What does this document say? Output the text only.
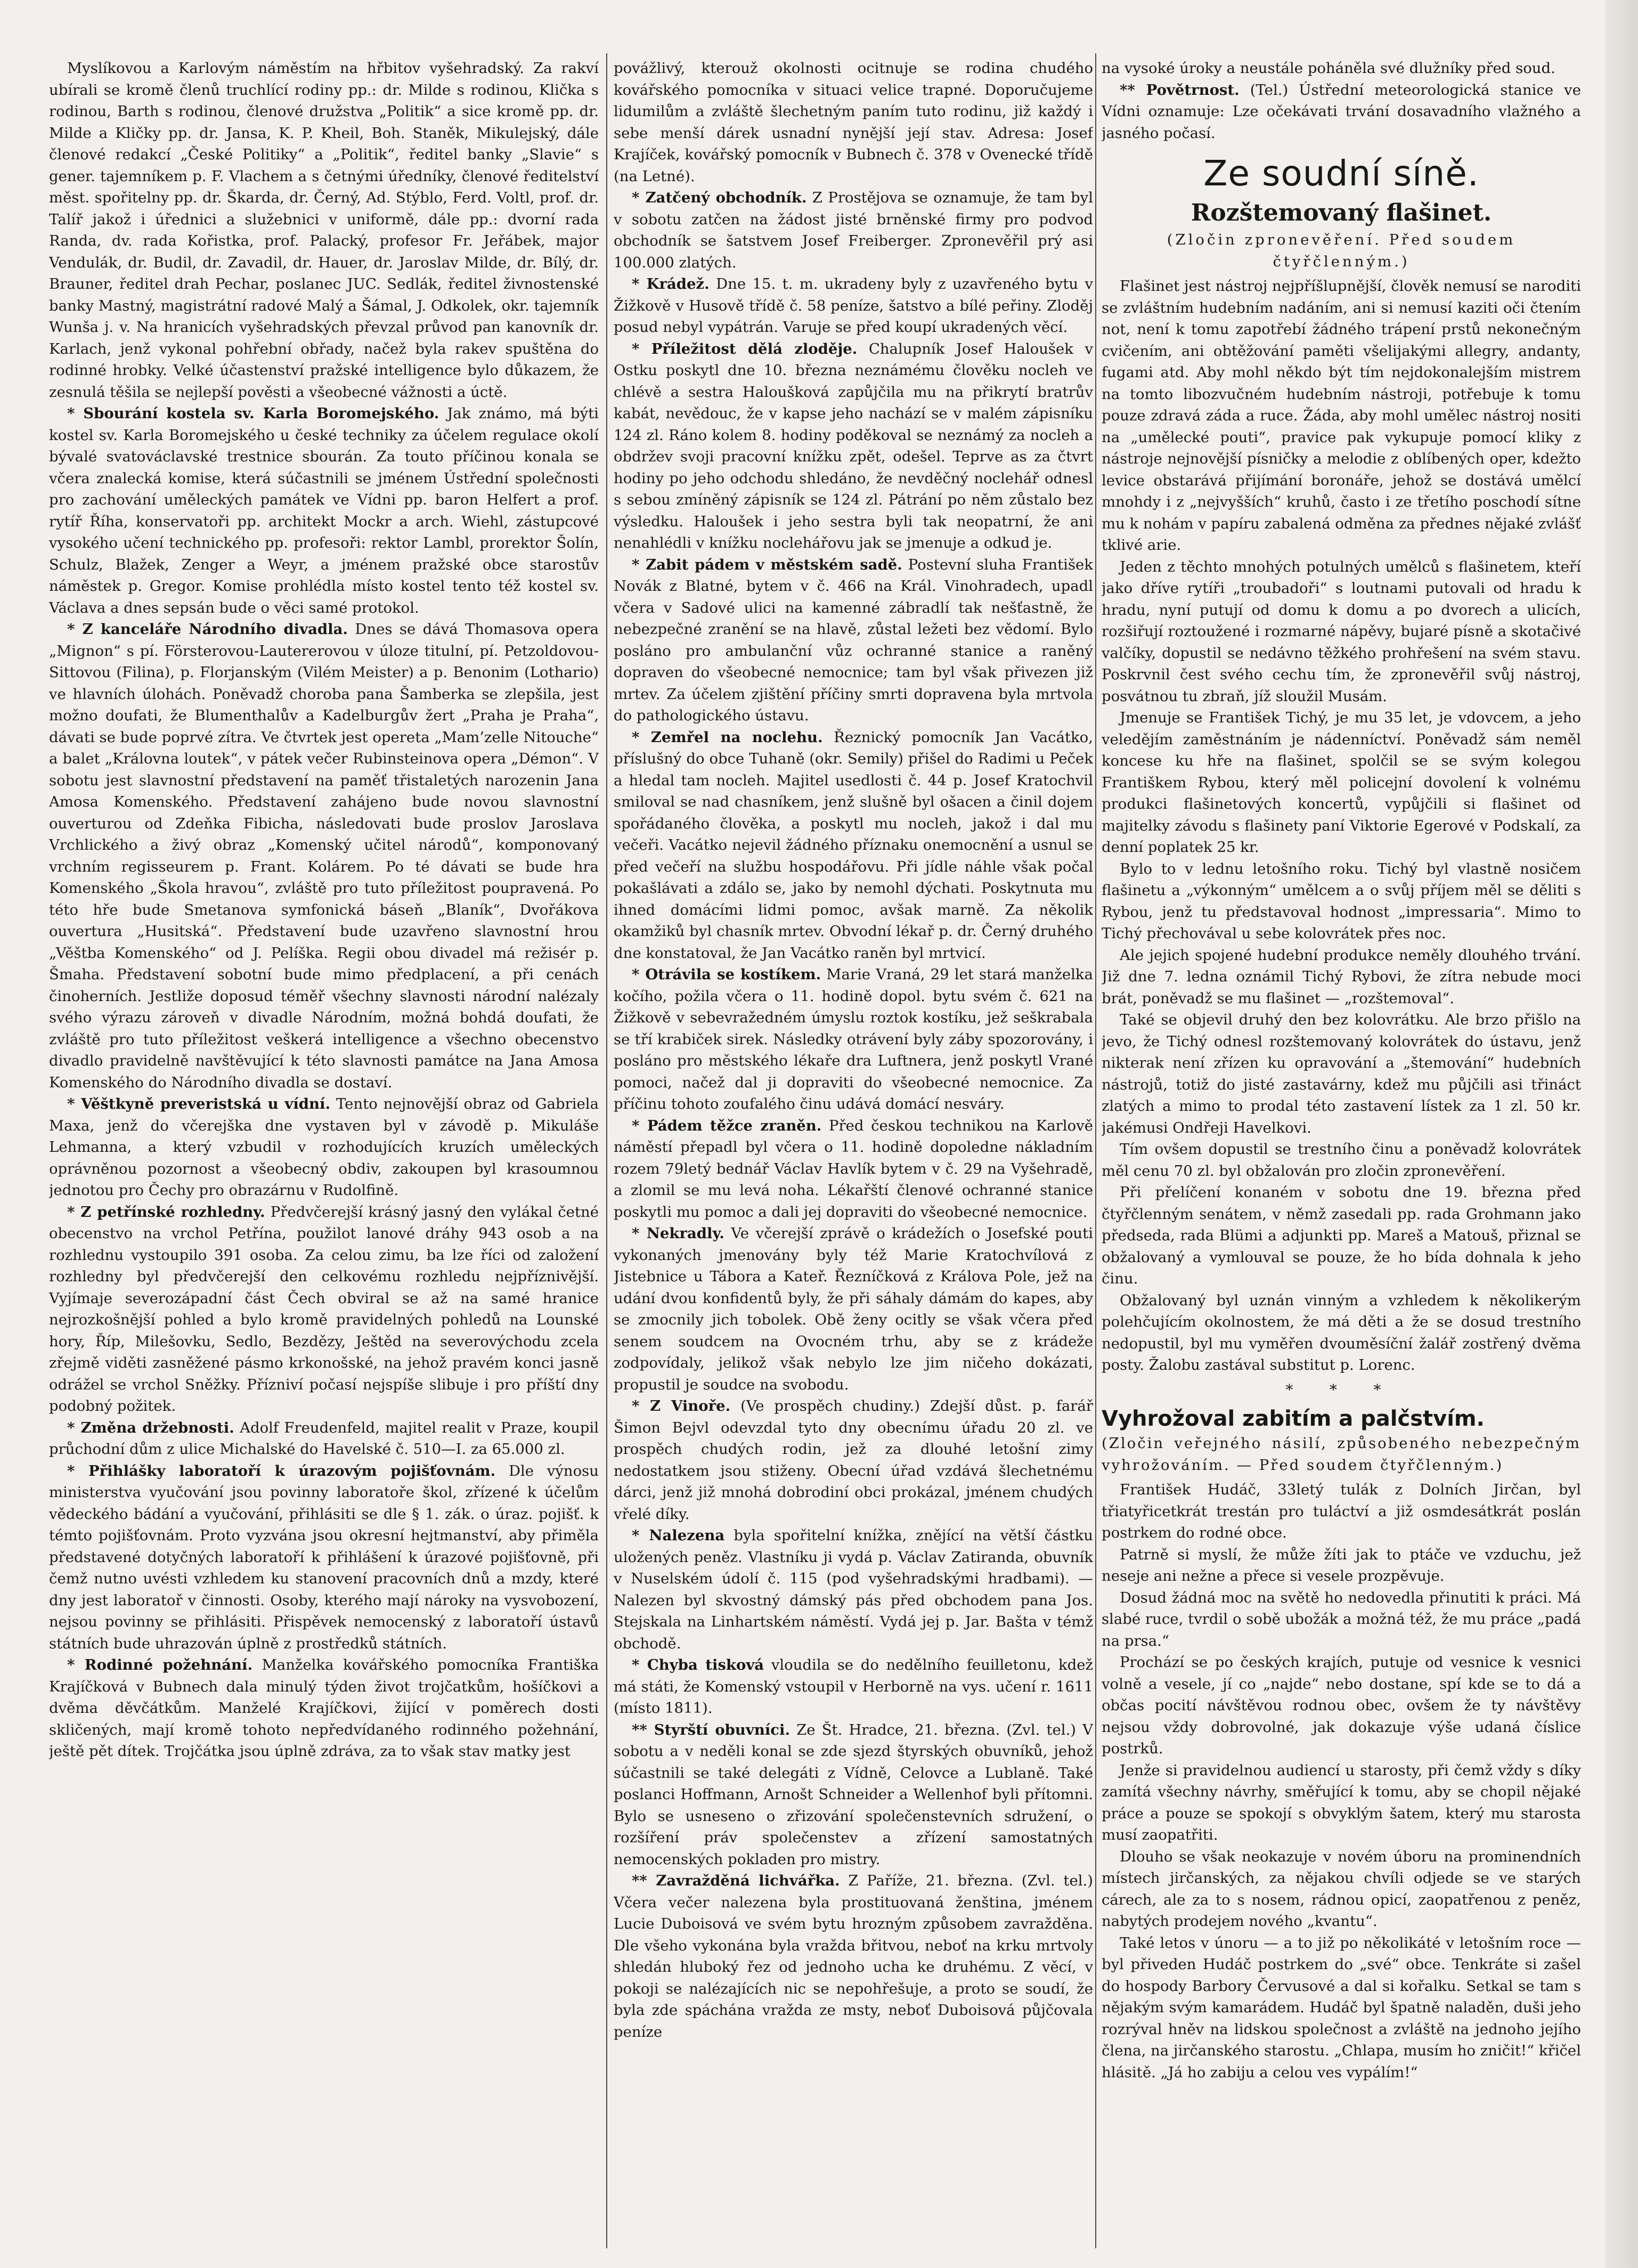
Myslíkovou a Karlovým náměstím na hřbitov vyšehradský. Za rakví ubírali se kromě členů truchlící rodiny pp.: dr. Milde s rodinou, Klička s rodinou, Barth s rodinou, členové družstva „Politik“ a sice kromě pp. dr. Milde a Kličky pp. dr. Jansa, K. P. Kheil, Boh. Staněk, Mikulejský, dále členové redakcí „České Politiky“ a „Politik“, ředitel banky „Slavie“ s gener. tajemníkem p. F. Vlachem a s četnými úředníky, členové ředitelství měst. spořitelny pp. dr. Škarda, dr. Černý, Ad. Stýblo, Ferd. Voltl, prof. dr. Talíř jakož i úřednici a služebnici v uniformě, dále pp.: dvorní rada Randa, dv. rada Kořistka, prof. Palacký, profesor Fr. Jeřábek, major Vendulák, dr. Budil, dr. Zavadil, dr. Hauer, dr. Jaroslav Milde, dr. Bílý, dr. Brauner, ředitel drah Pechar, poslanec JUC. Sedlák, ředitel živnostenské banky Mastný, magistrátní radové Malý a Šámal, J. Odkolek, okr. tajemník Wunša j. v. Na hranicích vyšehradských převzal průvod pan kanovník dr. Karlach, jenž vykonal pohřební obřady, načež byla rakev spuštěna do rodinné hrobky. Velké účastenství pražské intelligence bylo důkazem, že zesnulá těšila se nejlepší pověsti a všeobecné vážnosti a úctě.

* Sbourání kostela sv. Karla Boromejského. Jak známo, má býti kostel sv. Karla Boromejského u české techniky za účelem regulace okolí bývalé svatováclavské trestnice sbourán. Za touto příčinou konala se včera znalecká komise, která súčastnili se jménem Ústřední společnosti pro zachování uměleckých památek ve Vídni pp. baron Helfert a prof. rytíř Říha, konservatoři pp. architekt Mockr a arch. Wiehl, zástupcové vysokého učení technického pp. profesoři: rektor Lambl, prorektor Šolín, Schulz, Blažek, Zenger a Weyr, a jménem pražské obce starostův náměstek p. Gregor. Komise prohlédla místo kostel tento též kostel sv. Václava a dnes sepsán bude o věci samé protokol.

* Z kanceláře Národního divadla. Dnes se dává Thomasova opera „Mignon“ s pí. Försterovou-Lautererovou v úloze titulní, pí. Petzoldovou-Sittovou (Filina), p. Florjanským (Vilém Meister) a p. Benonim (Lothario) ve hlavních úlohách. Poněvadž choroba pana Šamberka se zlepšila, jest možno doufati, že Blumenthalův a Kadelburgův žert „Praha je Praha“, dávati se bude poprvé zítra. Ve čtvrtek jest opereta „Mam’zelle Nitouche“ a balet „Královna loutek“, v pátek večer Rubinsteinova opera „Démon“. V sobotu jest slavnostní představení na paměť třistaletých narozenin Jana Amosa Komenského. Představení zahájeno bude novou slavnostní ouverturou od Zdeňka Fibicha, následovati bude proslov Jaroslava Vrchlického a živý obraz „Komenský učitel národů“, komponovaný vrchním regisseurem p. Frant. Kolárem. Po té dávati se bude hra Komenského „Škola hravou“, zvláště pro tuto příležitost poupravená. Po této hře bude Smetanova symfonická báseň „Blaník“, Dvořákova ouvertura „Husitská“. Představení bude uzavřeno slavnostní hrou „Věštba Komenského“ od J. Pelíška. Regii obou divadel má režisér p. Šmaha. Představení sobotní bude mimo předplacení, a při cenách činoherních. Jestliže doposud téměř všechny slavnosti národní nalézaly svého výrazu zároveň v divadle Národním, možná bohdá doufati, že zvláště pro tuto příležitost veškerá intelligence a všechno obecenstvo divadlo pravidelně navštěvující k této slavnosti památce na Jana Amosa Komenského do Národního divadla se dostaví.

* Věštkyně preveristská u vídní. Tento nejnovější obraz od Gabriela Maxa, jenž do včerejška dne vystaven byl v závodě p. Mikuláše Lehmanna, a který vzbudil v rozhodujících kruzích uměleckých oprávněnou pozornost a všeobecný obdiv, zakoupen byl krasoumnou jednotou pro Čechy pro obrazárnu v Rudolfině.

* Z petřínské rozhledny. Předvčerejší krásný jasný den vylákal četné obecenstvo na vrchol Petřína, použilot lanové dráhy 943 osob a na rozhlednu vystoupilo 391 osoba. Za celou zimu, ba lze říci od založení rozhledny byl předvčerejší den celkovému rozhledu nejpříznivější. Vyjímaje severozápadní část Čech obviral se až na samé hranice nejrozkošnější pohled a bylo kromě pravidelných pohledů na Lounské hory, Říp, Milešovku, Sedlo, Bezdězy, Ještěd na severovýchodu zcela zřejmě viděti zasněžené pásmo krkonošské, na jehož pravém konci jasně odrážel se vrchol Sněžky. Přízniví počasí nejspíše slibuje i pro příští dny podobný požitek.

* Změna držebnosti. Adolf Freudenfeld, majitel realit v Praze, koupil průchodní dům z ulice Michalské do Havelské č. 510—I. za 65.000 zl.

* Přihlášky laboratoří k úrazovým pojišťovnám. Dle výnosu ministerstva vyučování jsou povinny laboratoře škol, zřízené k účelům vědeckého bádání a vyučování, přihlásiti se dle § 1. zák. o úraz. pojišť. k témto pojišťovnám. Proto vyzvána jsou okresní hejtmanství, aby přiměla představené dotyčných laboratoří k přihlášení k úrazové pojišťovně, při čemž nutno uvésti vzhledem ku stanovení pracovních dnů a mzdy, které dny jest laboratoř v činnosti. Osoby, kterého mají nároky na vysvobození, nejsou povinny se přihlásiti. Přispěvek nemocenský z laboratoří ústavů státních bude uhrazován úplně z prostředků státních.

* Rodinné požehnání. Manželka kovářského pomocníka Františka Krajíčková v Bubnech dala minulý týden život trojčatkům, hošíčkovi a dvěma děvčátkům. Manželé Krajíčkovi, žijící v poměrech dosti skličených, mají kromě tohoto nepředvídaného rodinného požehnání, ještě pět dítek. Trojčátka jsou úplně zdráva, za to však stav matky jest

povážlivý, kterouž okolnosti ocitnuje se rodina chudého kovářského pomocníka v situaci velice trapné. Doporučujeme lidumilům a zvláště šlechetným paním tuto rodinu, již každý i sebe menší dárek usnadní nynější její stav. Adresa: Josef Krajíček, kovářský pomocník v Bubnech č. 378 v Ovenecké třídě (na Letné).

* Zatčený obchodník. Z Prostějova se oznamuje, že tam byl v sobotu zatčen na žádost jisté brněnské firmy pro podvod obchodník se šatstvem Josef Freiberger. Zpronevěřil prý asi 100.000 zlatých.

* Krádež. Dne 15. t. m. ukradeny byly z uzavřeného bytu v Žižkově v Husově třídě č. 58 peníze, šatstvo a bílé peřiny. Zloděj posud nebyl vypátrán. Varuje se před koupí ukradených věcí.

* Příležitost dělá zloděje. Chalupník Josef Haloušek v Ostku poskytl dne 10. března neznámému člověku nocleh ve chlévě a sestra Haloušková zapůjčila mu na přikrytí bratrův kabát, nevědouc, že v kapse jeho nachází se v malém zápisníku 124 zl. Ráno kolem 8. hodiny poděkoval se neznámý za nocleh a obdržev svoji pracovní knížku zpět, odešel. Teprve as za čtvrt hodiny po jeho odchodu shledáno, že nevděčný noclehář odnesl s sebou zmíněný zápisník se 124 zl. Pátrání po něm zůstalo bez výsledku. Haloušek i jeho sestra byli tak neopatrní, že ani nenahlédli v knížku noclehářovu jak se jmenuje a odkud je.

* Zabit pádem v městském sadě. Postevní sluha František Novák z Blatné, bytem v č. 466 na Král. Vinohradech, upadl včera v Sadové ulici na kamenné zábradlí tak nešťastně, že nebezpečné zranění se na hlavě, zůstal ležeti bez vědomí. Bylo posláno pro ambulanční vůz ochranné stanice a raněný dopraven do všeobecné nemocnice; tam byl však přivezen již mrtev. Za účelem zjištění příčiny smrti dopravena byla mrtvola do pathologického ústavu.

* Zemřel na noclehu. Řeznický pomocník Jan Vacátko, příslušný do obce Tuhaně (okr. Semily) přišel do Radimi u Peček a hledal tam nocleh. Majitel usedlosti č. 44 p. Josef Kratochvil smiloval se nad chasníkem, jenž slušně byl ošacen a činil dojem spořádaného člověka, a poskytl mu nocleh, jakož i dal mu večeři. Vacátko nejevil žádného příznaku onemocnění a usnul se před večeří na službu hospodářovu. Při jídle náhle však počal pokašlávati a zdálo se, jako by nemohl dýchati. Poskytnuta mu ihned domácími lidmi pomoc, avšak marně. Za několik okamžiků byl chasník mrtev. Obvodní lékař p. dr. Černý druhého dne konstatoval, že Jan Vacátko raněn byl mrtvicí.

* Otrávila se kostíkem. Marie Vraná, 29 let stará manželka kočího, požila včera o 11. hodině dopol. bytu svém č. 621 na Žižkově v sebevražedném úmyslu roztok kostíku, jež seškrabala se tří krabiček sirek. Následky otrávení byly záby spozorovány, i posláno pro městského lékaře dra Luftnera, jenž poskytl Vrané pomoci, načež dal ji dopraviti do všeobecné nemocnice. Za příčinu tohoto zoufalého činu udává domácí nesváry.

* Pádem těžce zraněn. Před českou technikou na Karlově náměstí přepadl byl včera o 11. hodině dopoledne nákladním rozem 79letý bednář Václav Havlík bytem v č. 29 na Vyšehradě, a zlomil se mu levá noha. Lékařští členové ochranné stanice poskytli mu pomoc a dali jej dopraviti do všeobecné nemocnice.

* Nekradly. Ve včerejší zprávě o krádežích o Josefské pouti vykonaných jmenovány byly též Marie Kratochvílová z Jistebnice u Tábora a Kateř. Řezníčková z Králova Pole, jež na udání dvou konfidentů byly, že při sáhaly dámám do kapes, aby se zmocnily jich tobolek. Obě ženy ocitly se však včera před senem soudcem na Ovocném trhu, aby se z krádeže zodpovídaly, jelikož však nebylo lze jim ničeho dokázati, propustil je soudce na svobodu.

* Z Vinoře. (Ve prospěch chudiny.) Zdejší důst. p. farář Šimon Bejvl odevzdal tyto dny obecnímu úřadu 20 zl. ve prospěch chudých rodin, jež za dlouhé letošní zimy nedostatkem jsou stiženy. Obecní úřad vzdává šlechetnému dárci, jenž již mnohá dobrodiní obci prokázal, jménem chudých vřelé díky.

* Nalezena byla spořitelní knížka, znějící na větší částku uložených peněz. Vlastníku ji vydá p. Václav Zatiranda, obuvník v Nuselském údolí č. 115 (pod vyšehradskými hradbami). — Nalezen byl skvostný dámský pás před obchodem pana Jos. Stejskala na Linhartském náměstí. Vydá jej p. Jar. Bašta v témž obchodě.

* Chyba tisková vloudila se do nedělního feuilletonu, kdež má státi, že Komenský vstoupil v Herborně na vys. učení r. 1611 (místo 1811).

** Styrští obuvníci. Ze Št. Hradce, 21. března. (Zvl. tel.) V sobotu a v neděli konal se zde sjezd štyrských obuvníků, jehož súčastnili se také delegáti z Vídně, Celovce a Lublaně. Také poslanci Hoffmann, Arnošt Schneider a Wellenhof byli přítomni. Bylo se usneseno o zřizování společenstevních sdružení, o rozšíření práv společenstev a zřízení samostatných nemocenských pokladen pro mistry.

** Zavražděná lichvářka. Z Paříže, 21. března. (Zvl. tel.) Včera večer nalezena byla prostituovaná ženština, jménem Lucie Duboisová ve svém bytu hrozným způsobem zavražděna. Dle všeho vykonána byla vražda břitvou, neboť na krku mrtvoly shledán hluboký řez od jednoho ucha ke druhému. Z věcí, v pokoji se nalézajících nic se nepohřešuje, a proto se soudí, že byla zde spáchána vražda ze msty, neboť Duboisová půjčovala peníze

na vysoké úroky a neustále poháněla své dlužníky před soud.

** Povětrnost. (Tel.) Ústřední meteorologická stanice ve Vídni oznamuje: Lze očekávati trvání dosavadního vlažného a jasného počasí.

Ze soudní síně.
Rozštemovaný flašinet.

(Zločin zpronevěření. Před soudem čtyřčlenným.)

Flašinet jest nástroj nejpříšlupnější, člověk nemusí se naroditi se zvláštním hudebním nadáním, ani si nemusí kaziti oči čtením not, není k tomu zapotřebí žádného trápení prstů nekonečným cvičením, ani obtěžování paměti všelijakými allegry, andanty, fugami atd. Aby mohl někdo být tím nejdokonalejším mistrem na tomto libozvučném hudebním nástroji, potřebuje k tomu pouze zdravá záda a ruce. Žáda, aby mohl umělec nástroj nositi na „umělecké pouti“, pravice pak vykupuje pomocí kliky z nástroje nejnovější písničky a melodie z oblíbených oper, kdežto levice obstarává přijímání boronáře, jehož se dostává umělcí mnohdy i z „nejvyšších“ kruhů, často i ze třetího poschodí sítne mu k nohám v papíru zabalená odměna za přednes nějaké zvlášť tklivé arie.

Jeden z těchto mnohých potulných umělců s flašinetem, kteří jako dříve rytíři „troubadoři“ s loutnami putovali od hradu k hradu, nyní putují od domu k domu a po dvorech a ulicích, rozšiřují roztoužené i rozmarné nápěvy, bujaré písně a skotačivé valčíky, dopustil se nedávno těžkého prohřešení na svém stavu. Poskrvnil čest svého cechu tím, že zpronevěřil svůj nástroj, posvátnou tu zbraň, jíž sloužil Musám.

Jmenuje se František Tichý, je mu 35 let, je vdovcem, a jeho veledějím zaměstnáním je nádenníctví. Poněvadž sám neměl koncese ku hře na flašinet, spolčil se se svým kolegou Františkem Rybou, který měl policejní dovolení k volnému produkci flašinetových koncertů, vypůjčili si flašinet od majitelky závodu s flašinety paní Viktorie Egerové v Podskalí, za denní poplatek 25 kr.

Bylo to v lednu letošního roku. Tichý byl vlastně nosičem flašinetu a „výkonným“ umělcem a o svůj příjem měl se děliti s Rybou, jenž tu představoval hodnost „impressaria“. Mimo to Tichý přechovával u sebe kolovrátek přes noc.

Ale jejich spojené hudební produkce neměly dlouhého trvání. Již dne 7. ledna oznámil Tichý Rybovi, že zítra nebude moci brát, poněvadž se mu flašinet — „rozštemoval“.

Také se objevil druhý den bez kolovrátku. Ale brzo přišlo na jevo, že Tichý odnesl rozštemovaný kolovrátek do ústavu, jenž nikterak není zřízen ku opravování a „štemování“ hudebních nástrojů, totiž do jisté zastavárny, kdež mu půjčili asi třináct zlatých a mimo to prodal této zastavení lístek za 1 zl. 50 kr. jakémusi Ondřeji Havelkovi.

Tím ovšem dopustil se trestního činu a poněvadž kolovrátek měl cenu 70 zl. byl obžalován pro zločin zpronevěření.

Při přelíčení konaném v sobotu dne 19. března před čtyřčlenným senátem, v němž zasedali pp. rada Grohmann jako předseda, rada Blümi a adjunkti pp. Mareš a Matouš, přiznal se obžalovaný a vymlouval se pouze, že ho bída dohnala k jeho činu.

Obžalovaný byl uznán vinným a vzhledem k několikerým polehčujícím okolnostem, že má děti a že se dosud trestního nedopustil, byl mu vyměřen dvouměsíční žalář zostřený dvěma posty. Žalobu zastával substitut p. Lorenc.

* * *

Vyhrožoval zabitím a palčstvím.

(Zločin veřejného násilí, způsobeného nebezpečným vyhrožováním. — Před soudem čtyřčlenným.)

František Hudáč, 33letý tulák z Dolních Jirčan, byl třiatyřicetkrát trestán pro tuláctví a již osmdesátkrát poslán postrkem do rodné obce.

Patrně si myslí, že může žíti jak to ptáče ve vzduchu, jež neseje ani nežne a přece si vesele prozpěvuje.

Dosud žádná moc na světě ho nedovedla přinutiti k práci. Má slabé ruce, tvrdil o sobě ubožák a možná též, že mu práce „padá na prsa.“

Prochází se po českých krajích, putuje od vesnice k vesnici volně a vesele, jí co „najde“ nebo dostane, spí kde se to dá a občas pocití návštěvou rodnou obec, ovšem že ty návštěvy nejsou vždy dobrovolné, jak dokazuje výše udaná číslice postrků.

Jenže si pravidelnou audiencí u starosty, při čemž vždy s díky zamítá všechny návrhy, směřující k tomu, aby se chopil nějaké práce a pouze se spokojí s obvyklým šatem, který mu starosta musí zaopatřiti.

Dlouho se však neokazuje v novém úboru na prominendních místech jirčanských, za nějakou chvíli odjede se ve starých cárech, ale za to s nosem, rádnou opicí, zaopatřenou z peněz, nabytých prodejem nového „kvantu“.

Také letos v únoru — a to již po několikáté v letošním roce — byl přiveden Hudáč postrkem do „své“ obce. Tenkráte si zašel do hospody Barbory Červusové a dal si kořalku. Setkal se tam s nějakým svým kamarádem. Hudáč byl špatně naladěn, duši jeho rozrýval hněv na lidskou společnost a zvláště na jednoho jejího člena, na jirčanského starostu. „Chlapa, musím ho zničit!“ křičel hlásitě. „Já ho zabiju a celou ves vypálím!“
